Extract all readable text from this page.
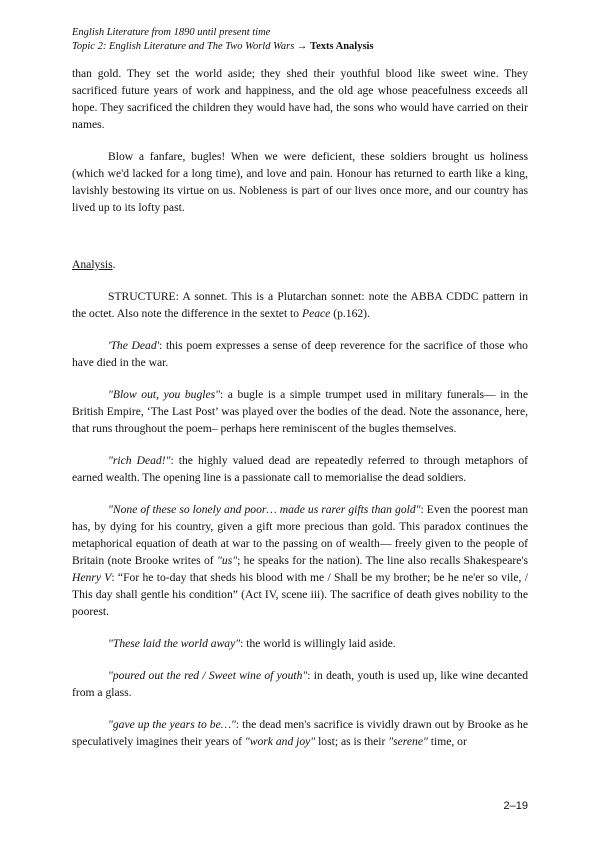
English Literature from 1890 until present time
Topic 2: English Literature and The Two World Wars → Texts Analysis

than gold. They set the world aside; they shed their youthful blood like sweet wine. They sacrificed future years of work and happiness, and the old age whose peacefulness exceeds all hope. They sacrificed the children they would have had, the sons who would have carried on their names.

Blow a fanfare, bugles! When we were deficient, these soldiers brought us holiness (which we'd lacked for a long time), and love and pain. Honour has returned to earth like a king, lavishly bestowing its virtue on us. Nobleness is part of our lives once more, and our country has lived up to its lofty past.

Analysis.

STRUCTURE: A sonnet. This is a Plutarchan sonnet: note the ABBA CDDC pattern in the octet. Also note the difference in the sextet to Peace (p.162).

'The Dead': this poem expresses a sense of deep reverence for the sacrifice of those who have died in the war.

"Blow out, you bugles": a bugle is a simple trumpet used in military funerals— in the British Empire, ‘The Last Post’ was played over the bodies of the dead. Note the assonance, here, that runs throughout the poem– perhaps here reminiscent of the bugles themselves.

"rich Dead!": the highly valued dead are repeatedly referred to through metaphors of earned wealth. The opening line is a passionate call to memorialise the dead soldiers.

"None of these so lonely and poor… made us rarer gifts than gold": Even the poorest man has, by dying for his country, given a gift more precious than gold. This paradox continues the metaphorical equation of death at war to the passing on of wealth— freely given to the people of Britain (note Brooke writes of "us"; he speaks for the nation). The line also recalls Shakespeare's Henry V: “For he to-day that sheds his blood with me / Shall be my brother; be he ne'er so vile, / This day shall gentle his condition” (Act IV, scene iii). The sacrifice of death gives nobility to the poorest.

"These laid the world away": the world is willingly laid aside.

"poured out the red / Sweet wine of youth": in death, youth is used up, like wine decanted from a glass.

"gave up the years to be…": the dead men's sacrifice is vividly drawn out by Brooke as he speculatively imagines their years of "work and joy" lost; as is their "serene" time, or

2–19
